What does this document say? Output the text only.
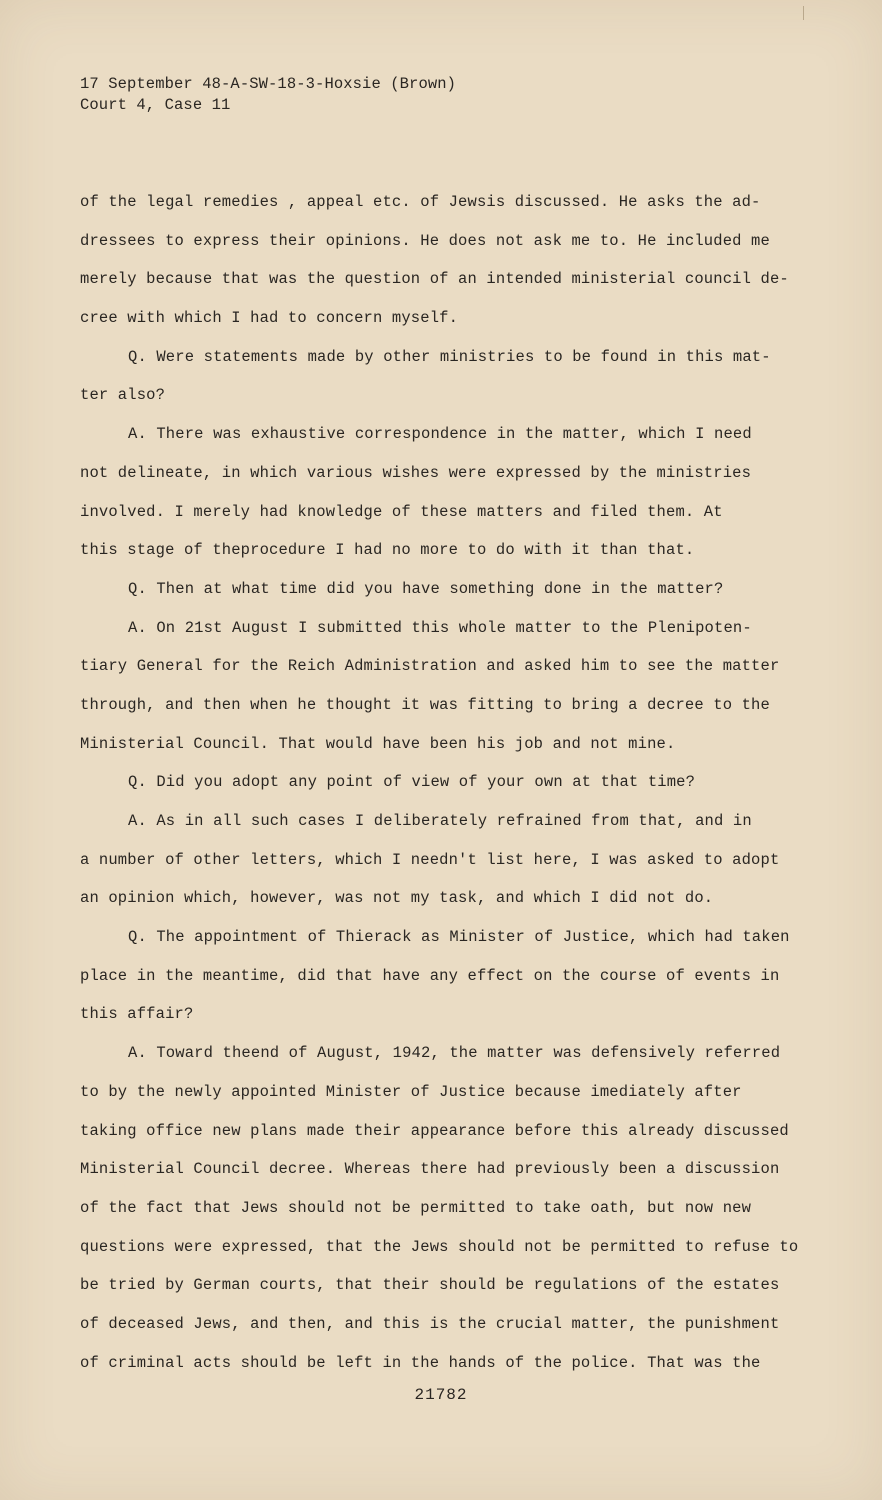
17 September 48-A-SW-18-3-Hoxsie (Brown)
Court 4, Case 11
of the legal remedies , appeal etc. of Jewsis discussed. He asks the ad-
dressees to express their opinions. He does not ask me to. He included me
merely because that was the question of an intended ministerial council de-
cree with which I had to concern myself.
Q. Were statements made by other ministries to be found in this mat-
ter also?
A. There was exhaustive correspondence in the matter, which I need
not delineate, in which various wishes were expressed by the ministries
involved. I merely had knowledge of these matters and filed them. At
this stage of theprocedure I had no more to do with it than that.
Q. Then at what time did you have something done in the matter?
A. On 21st August I submitted this whole matter to the Plenipoten-
tiary General for the Reich Administration and asked him to see the matter
through, and then when he thought it was fitting to bring a decree to the
Ministerial Council. That would have been his job and not mine.
Q. Did you adopt any point of view of your own at that time?
A. As in all such cases I deliberately refrained from that, and in
a number of other letters, which I needn't list here, I was asked to adopt
an opinion which, however, was not my task, and which I did not do.
Q. The appointment of Thierack as Minister of Justice, which had taken
place in the meantime, did that have any effect on the course of events in
this affair?
A. Toward theend of August, 1942, the matter was defensively referred
to by the newly appointed Minister of Justice because imediately after
taking office new plans made their appearance before this already discussed
Ministerial Council decree. Whereas there had previously been a discussion
of the fact that Jews should not be permitted to take oath, but now new
questions were expressed, that the Jews should not be permitted to refuse to
be tried by German courts, that their should be regulations of the estates
of deceased Jews, and then, and this is the crucial matter, the punishment
of criminal acts should be left in the hands of the police. That was the
21782
